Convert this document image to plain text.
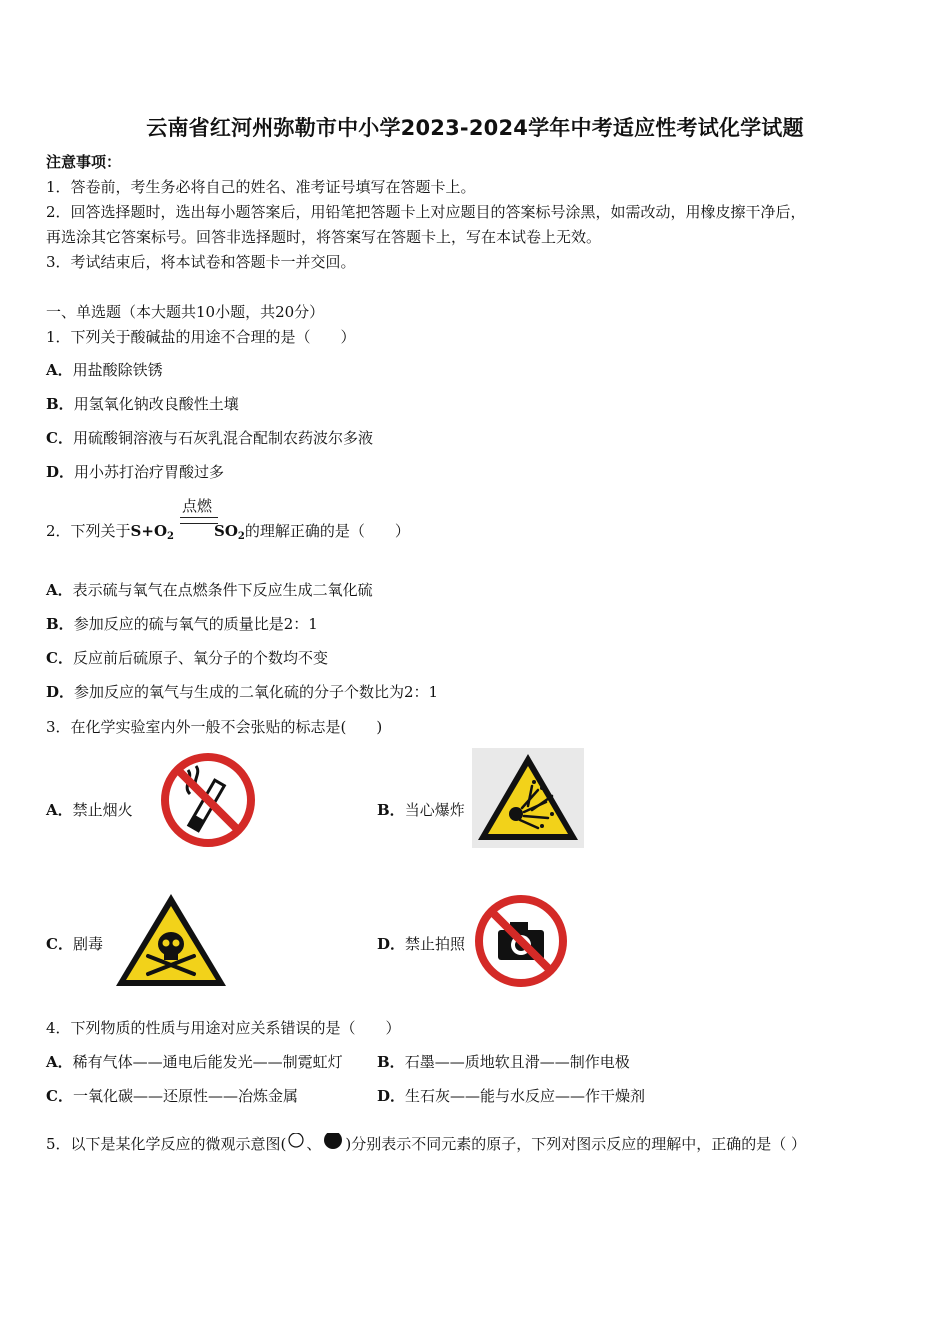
云南省红河州弥勒市中小学2023-2024学年中考适应性考试化学试题
注意事项：
1．答卷前，考生务必将自己的姓名、准考证号填写在答题卡上。
2．回答选择题时，选出每小题答案后，用铅笔把答题卡上对应题目的答案标号涂黑，如需改动，用橡皮擦干净后，
再选涂其它答案标号。回答非选择题时，将答案写在答题卡上，写在本试卷上无效。
3．考试结束后，将本试卷和答题卡一并交回。
一、单选题（本大题共10小题，共20分）
1．下列关于酸碱盐的用途不合理的是（　　）
A．用盐酸除铁锈
B．用氢氧化钠改良酸性土壤
C．用硫酸铜溶液与石灰乳混合配制农药波尔多液
D．用小苏打治疗胃酸过多
点燃
2．下列关于$S+O_2$	$SO_2$的理解正确的是（　　）
A．表示硫与氧气在点燃条件下反应生成二氧化硫
B．参加反应的硫与氧气的质量比是2：1
C．反应前后硫原子、氧分子的个数均不变
D．参加反应的氧气与生成的二氧化硫的分子个数比为2：1
3．在化学实验室内外一般不会张贴的标志是(　　)
A．禁止烟火	B．当心爆炸
C．剧毒	D．禁止拍照
4．下列物质的性质与用途对应关系错误的是（　　）
A．稀有气体——通电后能发光——制霓虹灯 B．石墨——质地软且滑——制作电极
C．一氧化碳——还原性——冶炼金属	D．生石灰——能与水反应——作干燥剂
5．以下是某化学反应的微观示意图( 、 )分别表示不同元素的原子，下列对图示反应的理解中，正确的是（ ）
